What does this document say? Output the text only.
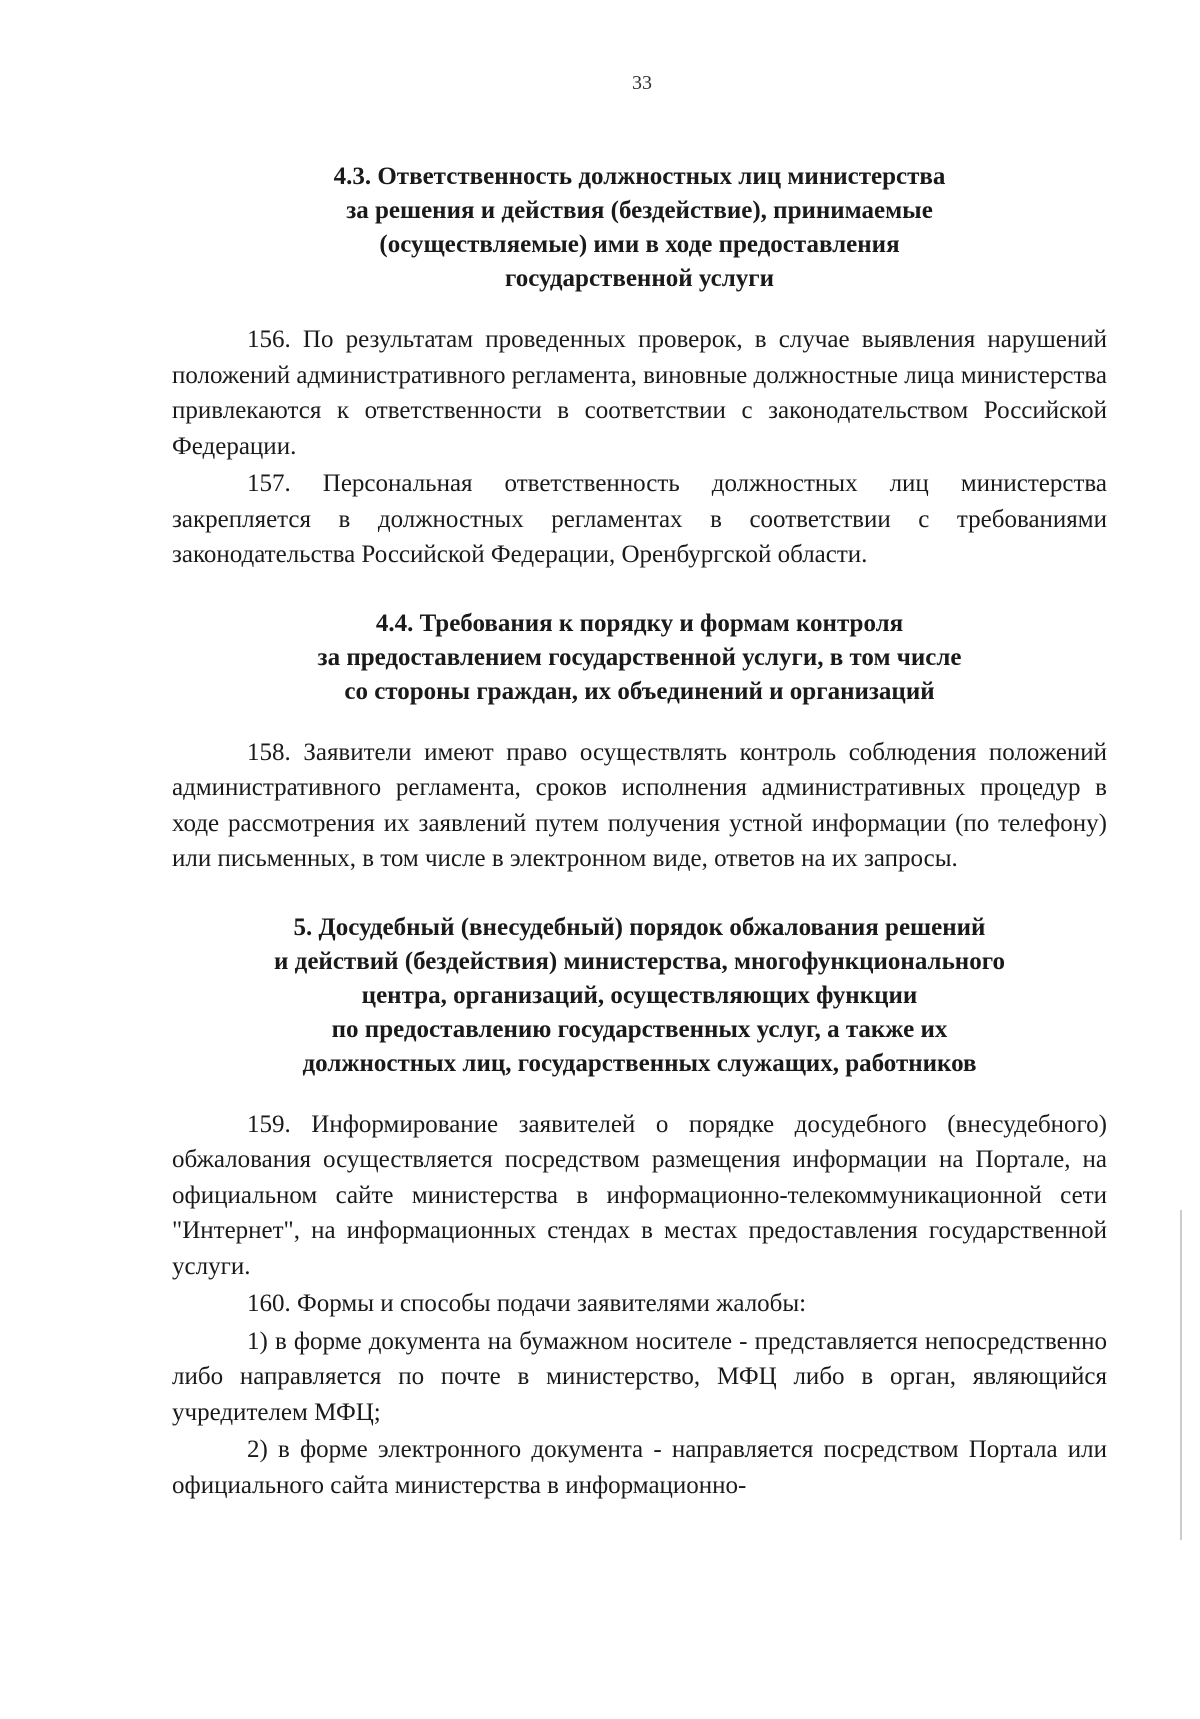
33
4.3. Ответственность должностных лиц министерства
за решения и действия (бездействие), принимаемые
(осуществляемые) ими в ходе предоставления
государственной услуги

156. По результатам проведенных проверок, в случае выявления нарушений положений административного регламента, виновные должностные лица министерства привлекаются к ответственности в соответствии с законодательством Российской Федерации.

157. Персональная ответственность должностных лиц министерства закрепляется в должностных регламентах в соответствии с требованиями законодательства Российской Федерации, Оренбургской области.

4.4. Требования к порядку и формам контроля
за предоставлением государственной услуги, в том числе
со стороны граждан, их объединений и организаций

158. Заявители имеют право осуществлять контроль соблюдения положений административного регламента, сроков исполнения административных процедур в ходе рассмотрения их заявлений путем получения устной информации (по телефону) или письменных, в том числе в электронном виде, ответов на их запросы.

5. Досудебный (внесудебный) порядок обжалования решений
и действий (бездействия) министерства, многофункционального
центра, организаций, осуществляющих функции
по предоставлению государственных услуг, а также их
должностных лиц, государственных служащих, работников

159. Информирование заявителей о порядке досудебного (внесудебного) обжалования осуществляется посредством размещения информации на Портале, на официальном сайте министерства в информационно-телекоммуникационной сети "Интернет", на информационных стендах в местах предоставления государственной услуги.

160. Формы и способы подачи заявителями жалобы:

1) в форме документа на бумажном носителе - представляется непосредственно либо направляется по почте в министерство, МФЦ либо в орган, являющийся учредителем МФЦ;

2) в форме электронного документа - направляется посредством Портала или официального сайта министерства в информационно-
